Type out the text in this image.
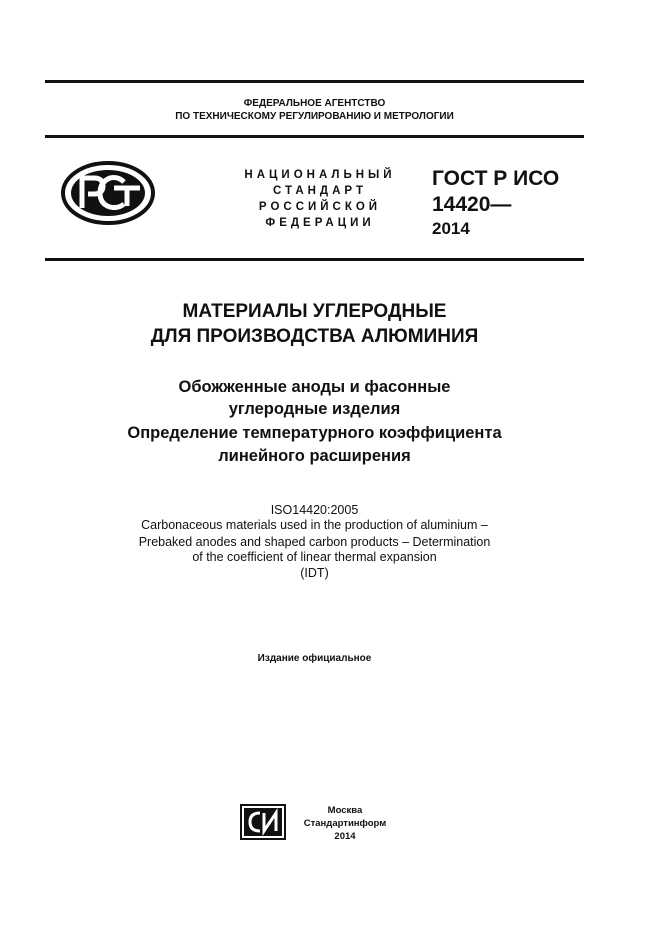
ФЕДЕРАЛЬНОЕ АГЕНТСТВО
ПО ТЕХНИЧЕСКОМУ РЕГУЛИРОВАНИЮ И МЕТРОЛОГИИ
НАЦИОНАЛЬНЫЙ
СТАНДАРТ
РОССИЙСКОЙ
ФЕДЕРАЦИИ
ГОСТ Р ИСО
14420—
2014
МАТЕРИАЛЫ УГЛЕРОДНЫЕ
ДЛЯ ПРОИЗВОДСТВА АЛЮМИНИЯ
Обожженные аноды и фасонные
углеродные изделия
Определение температурного коэффициента
линейного расширения
ISO14420:2005
Carbonaceous materials used in the production of aluminium –
Prebaked anodes and shaped carbon products – Determination
of the coefficient of linear thermal expansion
(IDT)
Издание официальное
Москва
Стандартинформ
2014
